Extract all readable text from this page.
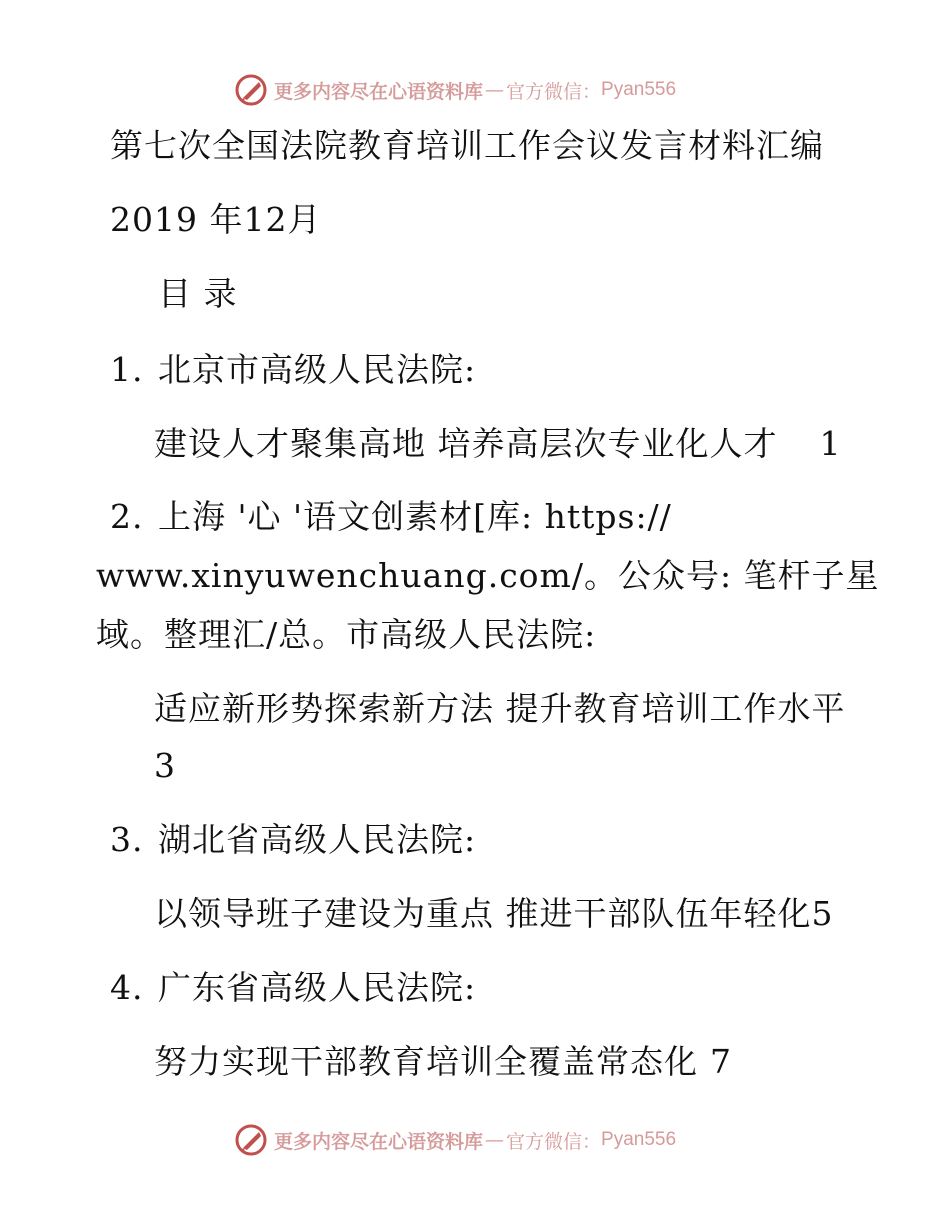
更多内容尽在心语资料库 — 官方微信： Pyan556
第七次全国法院教育培训工作会议发言材料汇编
2019 年12月
目 录
1. 北京市高级人民法院:
建设人才聚集高地 培养高层次专业化人才 1
2. 上海 '心 '语文创素材[库: https://
www.xinyuwenchuang.com/。公众号: 笔杆子星
域。整理汇/总。市高级人民法院:
适应新形势探索新方法 提升教育培训工作水平
3
3. 湖北省高级人民法院:
以领导班子建设为重点 推进干部队伍年轻化5
4. 广东省高级人民法院:
努力实现干部教育培训全覆盖常态化 7
更多内容尽在心语资料库 — 官方微信： Pyan556
